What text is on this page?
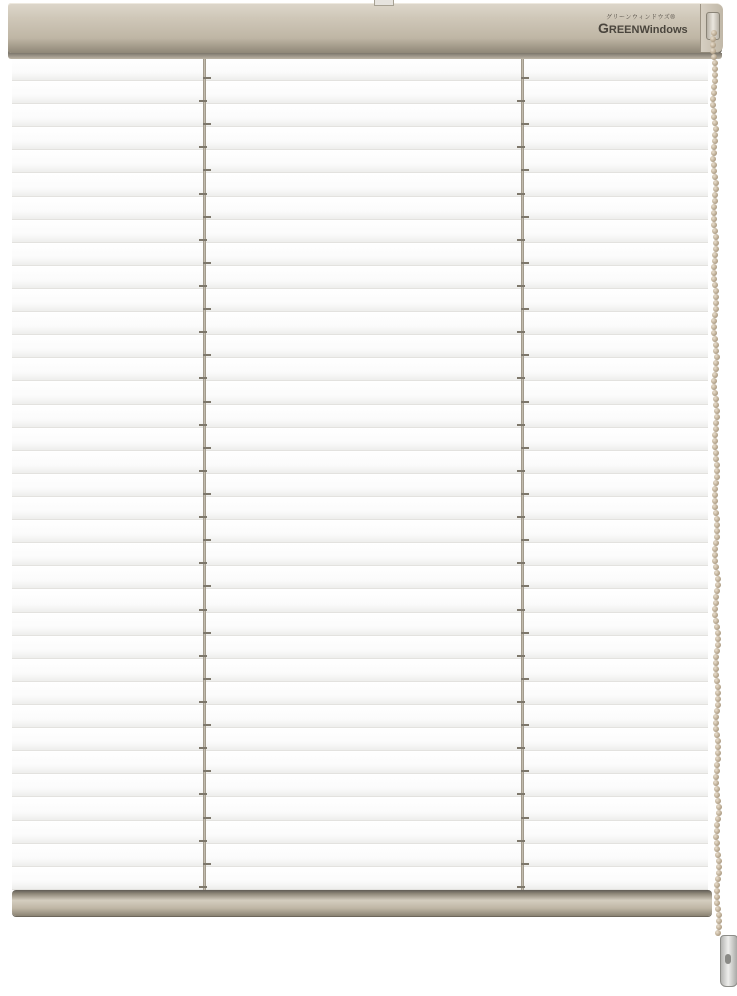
グリーンウィンドウズ®
GREENWindows
